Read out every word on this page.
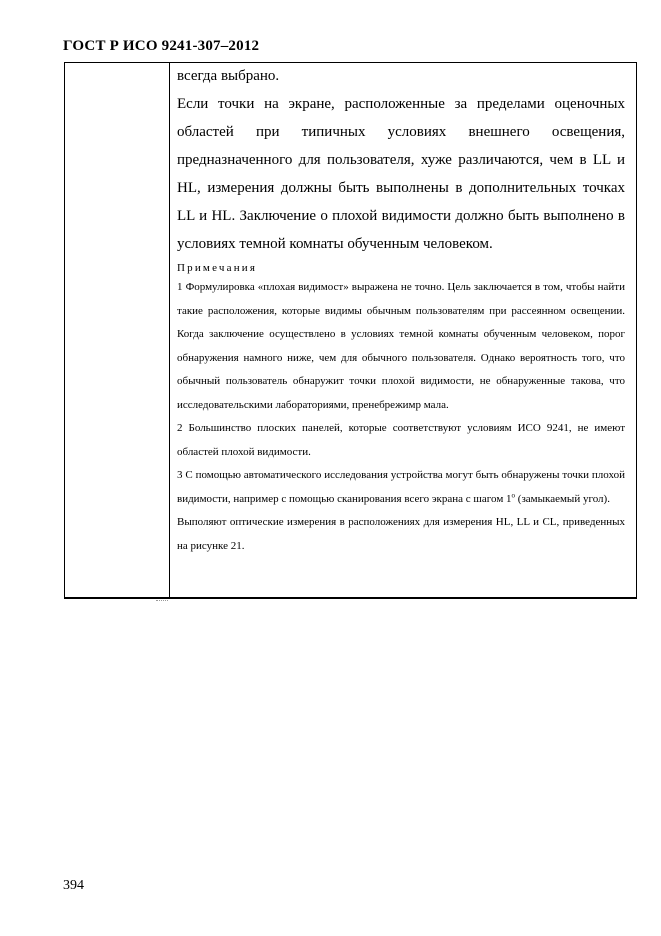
ГОСТ Р ИСО 9241-307–2012

всегда выбрано.

Если точки на экране, расположенные за пределами оценочных областей при типичных условиях внешнего освещения, предназначенного для пользователя, хуже различаются, чем в LL и HL, измерения должны быть выполнены в дополнительных точках LL и HL. Заключение о плохой видимости должно быть выполнено в условиях темной комнаты обученным человеком.

Примечания

1 Формулировка «плохая видимост» выражена не точно. Цель заключается в том, чтобы найти такие расположения, которые видимы обычным пользователям при рассеянном освещении. Когда заключение осуществлено в условиях темной комнаты обученным человеком, порог обнаружения намного ниже, чем для обычного пользователя. Однако вероятность того, что обычный пользователь обнаружит точки плохой видимости, не обнаруженные такова, что исследовательскими лабораториями, пренебрежимр мала.

2 Большинство плоских панелей, которые соответствуют условиям ИСО 9241, не имеют областей плохой видимости.

3 С помощью автоматического исследования устройства могут быть обнаружены точки плохой видимости, например с помощью сканирования всего экрана с шагом $1^о$ (замыкаемый угол).

Выполяют оптические измерения в расположениях для измерения HL, LL и CL, приведенных на рисунке 21.

394
